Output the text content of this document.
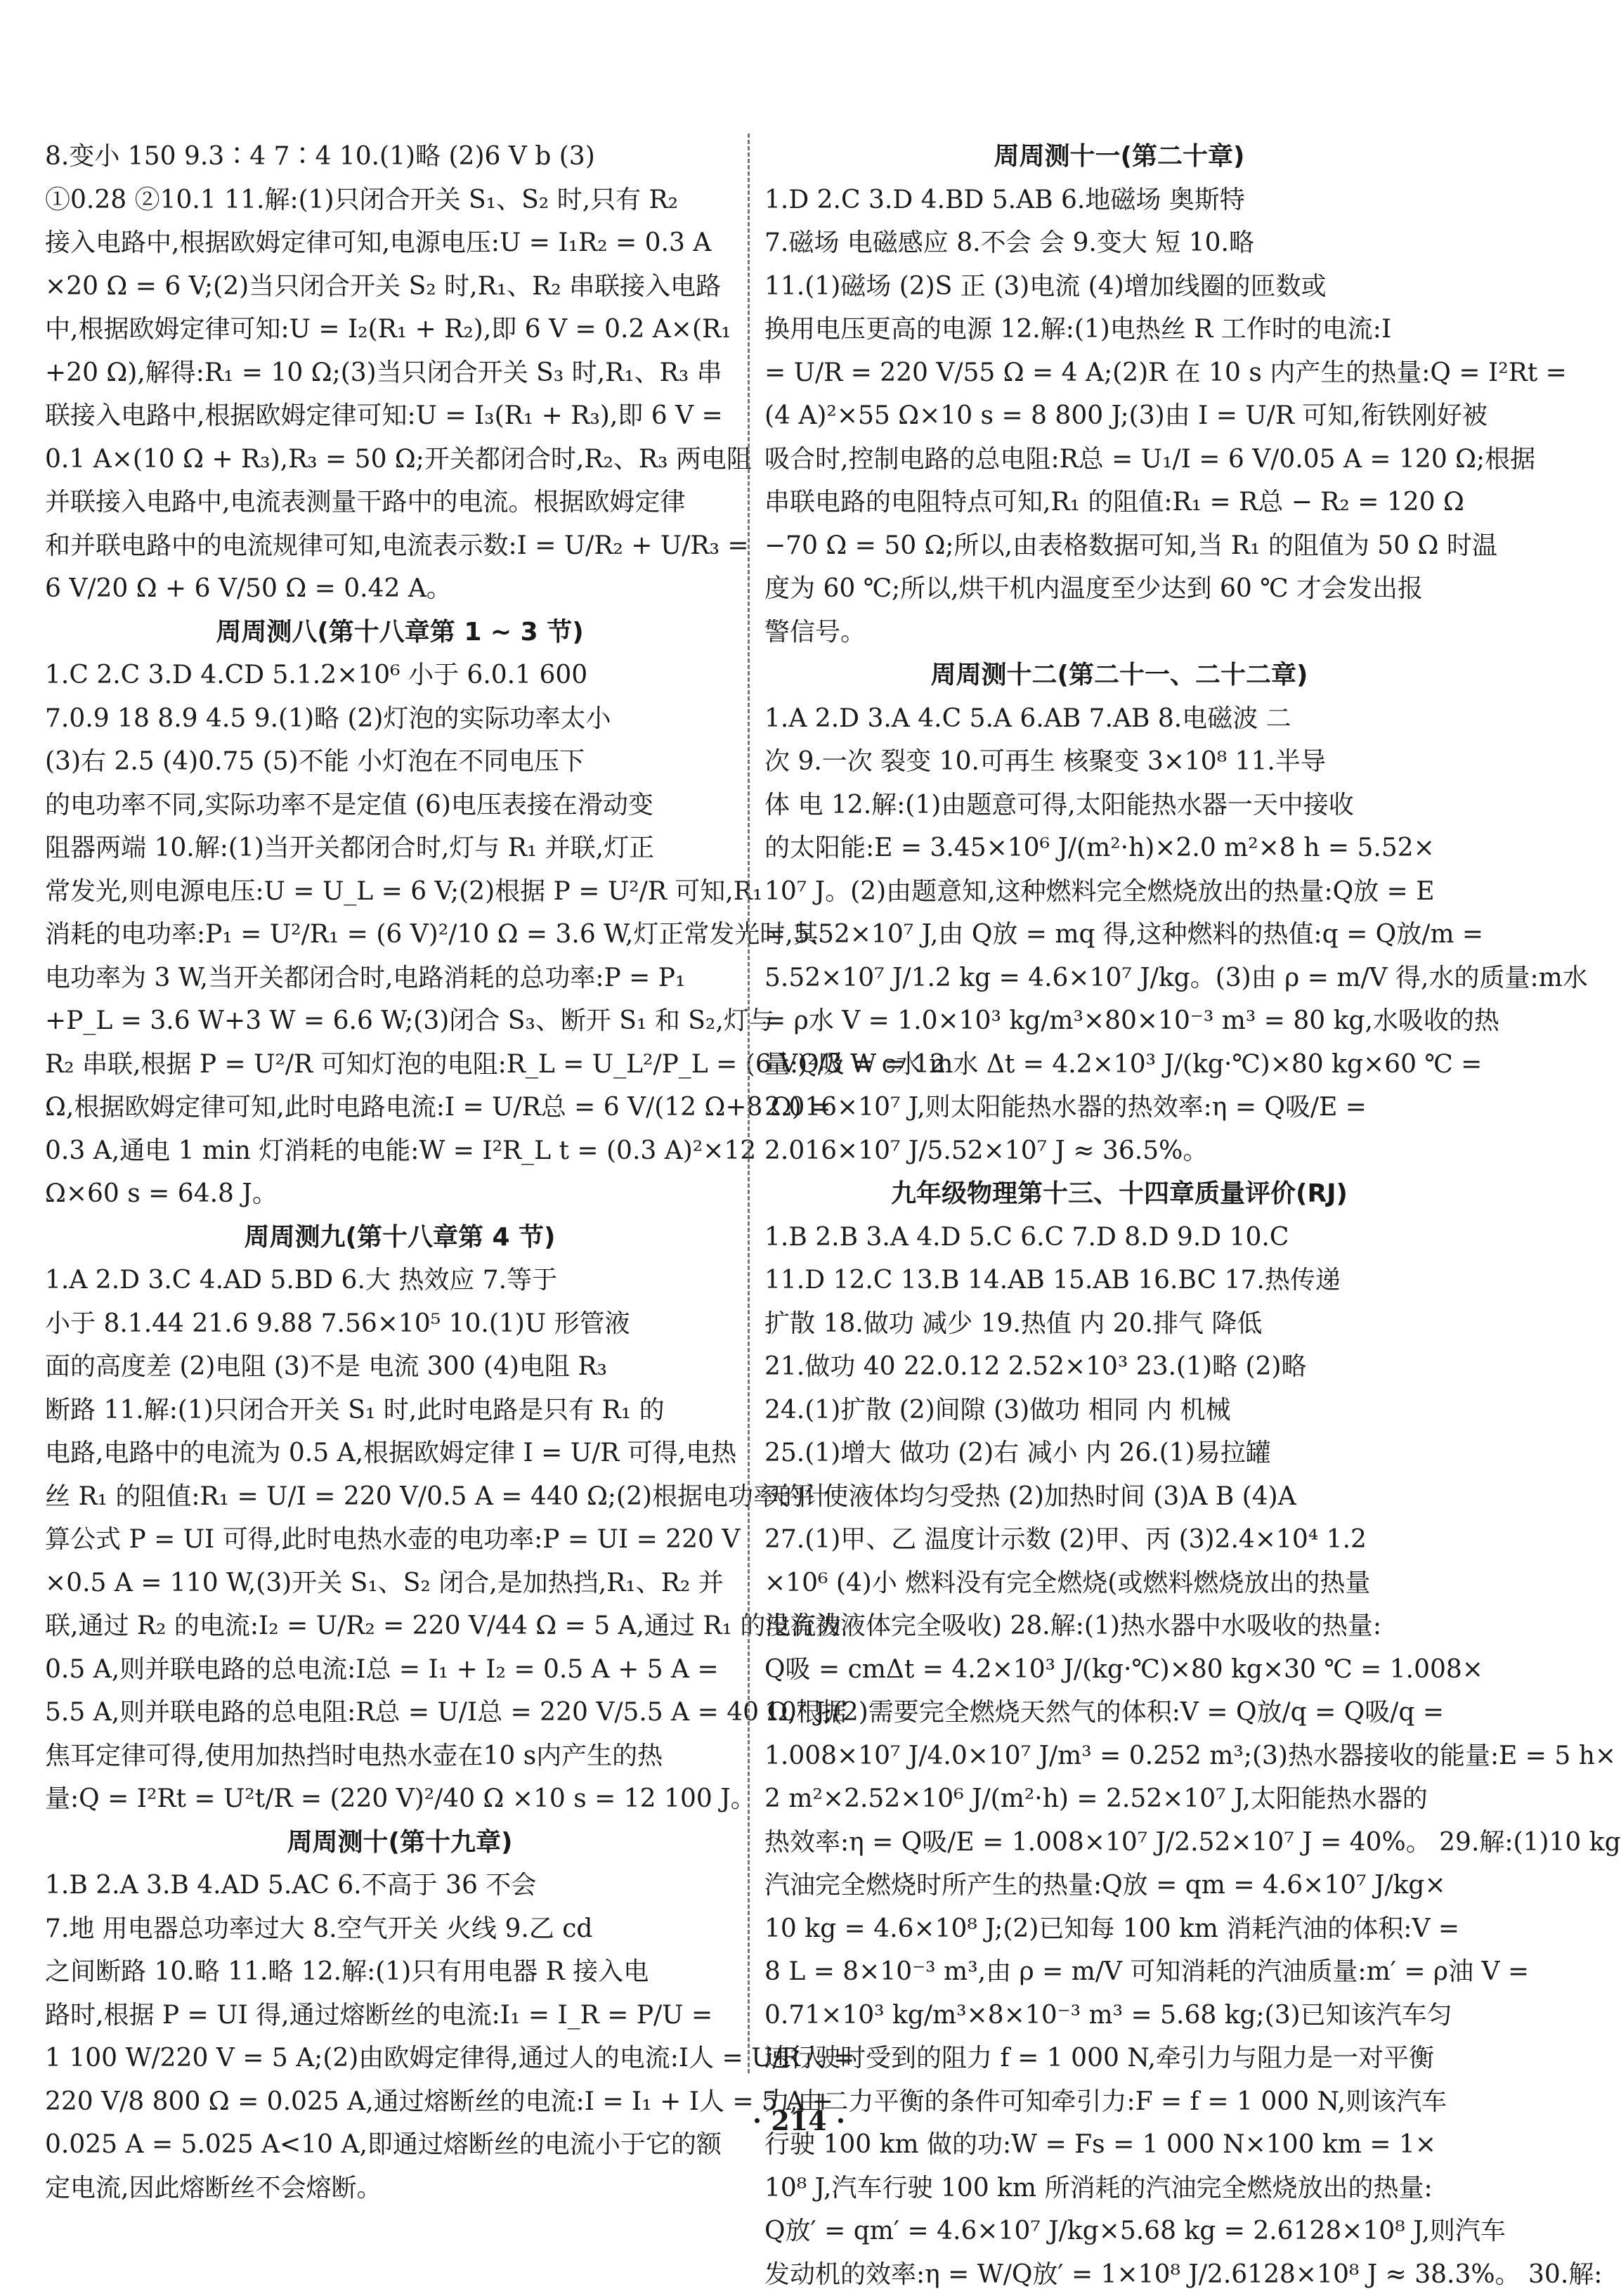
8.变小 150 9.3∶4 7∶4 10.(1)略 (2)6 V b (3)
①0.28 ②10.1 11.解:(1)只闭合开关 S₁、S₂ 时,只有 R₂
接入电路中,根据欧姆定律可知,电源电压:U = I₁R₂ = 0.3 A
×20 Ω = 6 V;(2)当只闭合开关 S₂ 时,R₁、R₂ 串联接入电路
中,根据欧姆定律可知:U = I₂(R₁ + R₂),即 6 V = 0.2 A×(R₁
+20 Ω),解得:R₁ = 10 Ω;(3)当只闭合开关 S₃ 时,R₁、R₃ 串
联接入电路中,根据欧姆定律可知:U = I₃(R₁ + R₃),即 6 V =
0.1 A×(10 Ω + R₃),R₃ = 50 Ω;开关都闭合时,R₂、R₃ 两电阻
并联接入电路中,电流表测量干路中的电流。根据欧姆定律
和并联电路中的电流规律可知,电流表示数:I = U/R₂ + U/R₃ =
6 V/20 Ω + 6 V/50 Ω = 0.42 A。
周周测八(第十八章第 1 ~ 3 节)
1.C 2.C 3.D 4.CD 5.1.2×10⁶ 小于 6.0.1 600
7.0.9 18 8.9 4.5 9.(1)略 (2)灯泡的实际功率太小
(3)右 2.5 (4)0.75 (5)不能 小灯泡在不同电压下
的电功率不同,实际功率不是定值 (6)电压表接在滑动变
阻器两端 10.解:(1)当开关都闭合时,灯与 R₁ 并联,灯正
常发光,则电源电压:U = U_L = 6 V;(2)根据 P = U²/R 可知,R₁
消耗的电功率:P₁ = U²/R₁ = (6 V)²/10 Ω = 3.6 W,灯正常发光时,其
电功率为 3 W,当开关都闭合时,电路消耗的总功率:P = P₁
+P_L = 3.6 W+3 W = 6.6 W;(3)闭合 S₃、断开 S₁ 和 S₂,灯与
R₂ 串联,根据 P = U²/R 可知灯泡的电阻:R_L = U_L²/P_L = (6 V)²/3 W = 12
Ω,根据欧姆定律可知,此时电路电流:I = U/R总 = 6 V/(12 Ω+8 Ω) =
0.3 A,通电 1 min 灯消耗的电能:W = I²R_L t = (0.3 A)²×12
Ω×60 s = 64.8 J。
周周测九(第十八章第 4 节)
1.A 2.D 3.C 4.AD 5.BD 6.大 热效应 7.等于
小于 8.1.44 21.6 9.88 7.56×10⁵ 10.(1)U 形管液
面的高度差 (2)电阻 (3)不是 电流 300 (4)电阻 R₃
断路 11.解:(1)只闭合开关 S₁ 时,此时电路是只有 R₁ 的
电路,电路中的电流为 0.5 A,根据欧姆定律 I = U/R 可得,电热
丝 R₁ 的阻值:R₁ = U/I = 220 V/0.5 A = 440 Ω;(2)根据电功率的计
算公式 P = UI 可得,此时电热水壶的电功率:P = UI = 220 V
×0.5 A = 110 W,(3)开关 S₁、S₂ 闭合,是加热挡,R₁、R₂ 并
联,通过 R₂ 的电流:I₂ = U/R₂ = 220 V/44 Ω = 5 A,通过 R₁ 的电流为
0.5 A,则并联电路的总电流:I总 = I₁ + I₂ = 0.5 A + 5 A =
5.5 A,则并联电路的总电阻:R总 = U/I总 = 220 V/5.5 A = 40 Ω,根据
焦耳定律可得,使用加热挡时电热水壶在10 s内产生的热
量:Q = I²Rt = U²t/R = (220 V)²/40 Ω ×10 s = 12 100 J。
周周测十(第十九章)
1.B 2.A 3.B 4.AD 5.AC 6.不高于 36 不会
7.地 用电器总功率过大 8.空气开关 火线 9.乙 cd
之间断路 10.略 11.略 12.解:(1)只有用电器 R 接入电
路时,根据 P = UI 得,通过熔断丝的电流:I₁ = I_R = P/U =
1 100 W/220 V = 5 A;(2)由欧姆定律得,通过人的电流:I人 = U/R人 =
220 V/8 800 Ω = 0.025 A,通过熔断丝的电流:I = I₁ + I人 = 5 A +
0.025 A = 5.025 A<10 A,即通过熔断丝的电流小于它的额
定电流,因此熔断丝不会熔断。
周周测十一(第二十章)
1.D 2.C 3.D 4.BD 5.AB 6.地磁场 奥斯特
7.磁场 电磁感应 8.不会 会 9.变大 短 10.略
11.(1)磁场 (2)S 正 (3)电流 (4)增加线圈的匝数或
换用电压更高的电源 12.解:(1)电热丝 R 工作时的电流:I
= U/R = 220 V/55 Ω = 4 A;(2)R 在 10 s 内产生的热量:Q = I²Rt =
(4 A)²×55 Ω×10 s = 8 800 J;(3)由 I = U/R 可知,衔铁刚好被
吸合时,控制电路的总电阻:R总 = U₁/I = 6 V/0.05 A = 120 Ω;根据
串联电路的电阻特点可知,R₁ 的阻值:R₁ = R总 − R₂ = 120 Ω
−70 Ω = 50 Ω;所以,由表格数据可知,当 R₁ 的阻值为 50 Ω 时温
度为 60 ℃;所以,烘干机内温度至少达到 60 ℃ 才会发出报
警信号。
周周测十二(第二十一、二十二章)
1.A 2.D 3.A 4.C 5.A 6.AB 7.AB 8.电磁波 二
次 9.一次 裂变 10.可再生 核聚变 3×10⁸ 11.半导
体 电 12.解:(1)由题意可得,太阳能热水器一天中接收
的太阳能:E = 3.45×10⁶ J/(m²·h)×2.0 m²×8 h = 5.52×
10⁷ J。(2)由题意知,这种燃料完全燃烧放出的热量:Q放 = E
= 5.52×10⁷ J,由 Q放 = mq 得,这种燃料的热值:q = Q放/m =
5.52×10⁷ J/1.2 kg = 4.6×10⁷ J/kg。(3)由 ρ = m/V 得,水的质量:m水
= ρ水 V = 1.0×10³ kg/m³×80×10⁻³ m³ = 80 kg,水吸收的热
量:Q吸 = c水 m水 Δt = 4.2×10³ J/(kg·℃)×80 kg×60 ℃ =
2.016×10⁷ J,则太阳能热水器的热效率:η = Q吸/E =
2.016×10⁷ J/5.52×10⁷ J ≈ 36.5%。
九年级物理第十三、十四章质量评价(RJ)
1.B 2.B 3.A 4.D 5.C 6.C 7.D 8.D 9.D 10.C
11.D 12.C 13.B 14.AB 15.AB 16.BC 17.热传递
扩散 18.做功 减少 19.热值 内 20.排气 降低
21.做功 40 22.0.12 2.52×10³ 23.(1)略 (2)略
24.(1)扩散 (2)间隙 (3)做功 相同 内 机械
25.(1)增大 做功 (2)右 减小 内 26.(1)易拉罐
天平 使液体均匀受热 (2)加热时间 (3)A B (4)A
27.(1)甲、乙 温度计示数 (2)甲、丙 (3)2.4×10⁴ 1.2
×10⁶ (4)小 燃料没有完全燃烧(或燃料燃烧放出的热量
没有被液体完全吸收) 28.解:(1)热水器中水吸收的热量:
Q吸 = cmΔt = 4.2×10³ J/(kg·℃)×80 kg×30 ℃ = 1.008×
10⁷ J;(2)需要完全燃烧天然气的体积:V = Q放/q = Q吸/q =
1.008×10⁷ J/4.0×10⁷ J/m³ = 0.252 m³;(3)热水器接收的能量:E = 5 h×
2 m²×2.52×10⁶ J/(m²·h) = 2.52×10⁷ J,太阳能热水器的
热效率:η = Q吸/E = 1.008×10⁷ J/2.52×10⁷ J = 40%。 29.解:(1)10 kg
汽油完全燃烧时所产生的热量:Q放 = qm = 4.6×10⁷ J/kg×
10 kg = 4.6×10⁸ J;(2)已知每 100 km 消耗汽油的体积:V =
8 L = 8×10⁻³ m³,由 ρ = m/V 可知消耗的汽油质量:m′ = ρ油 V =
0.71×10³ kg/m³×8×10⁻³ m³ = 5.68 kg;(3)已知该汽车匀
速行驶时受到的阻力 f = 1 000 N,牵引力与阻力是一对平衡
力,由二力平衡的条件可知牵引力:F = f = 1 000 N,则该汽车
行驶 100 km 做的功:W = Fs = 1 000 N×100 km = 1×
10⁸ J,汽车行驶 100 km 所消耗的汽油完全燃烧放出的热量:
Q放′ = qm′ = 4.6×10⁷ J/kg×5.68 kg = 2.6128×10⁸ J,则汽车
发动机的效率:η = W/Q放′ = 1×10⁸ J/2.6128×10⁸ J ≈ 38.3%。 30.解:
· 214 ·
